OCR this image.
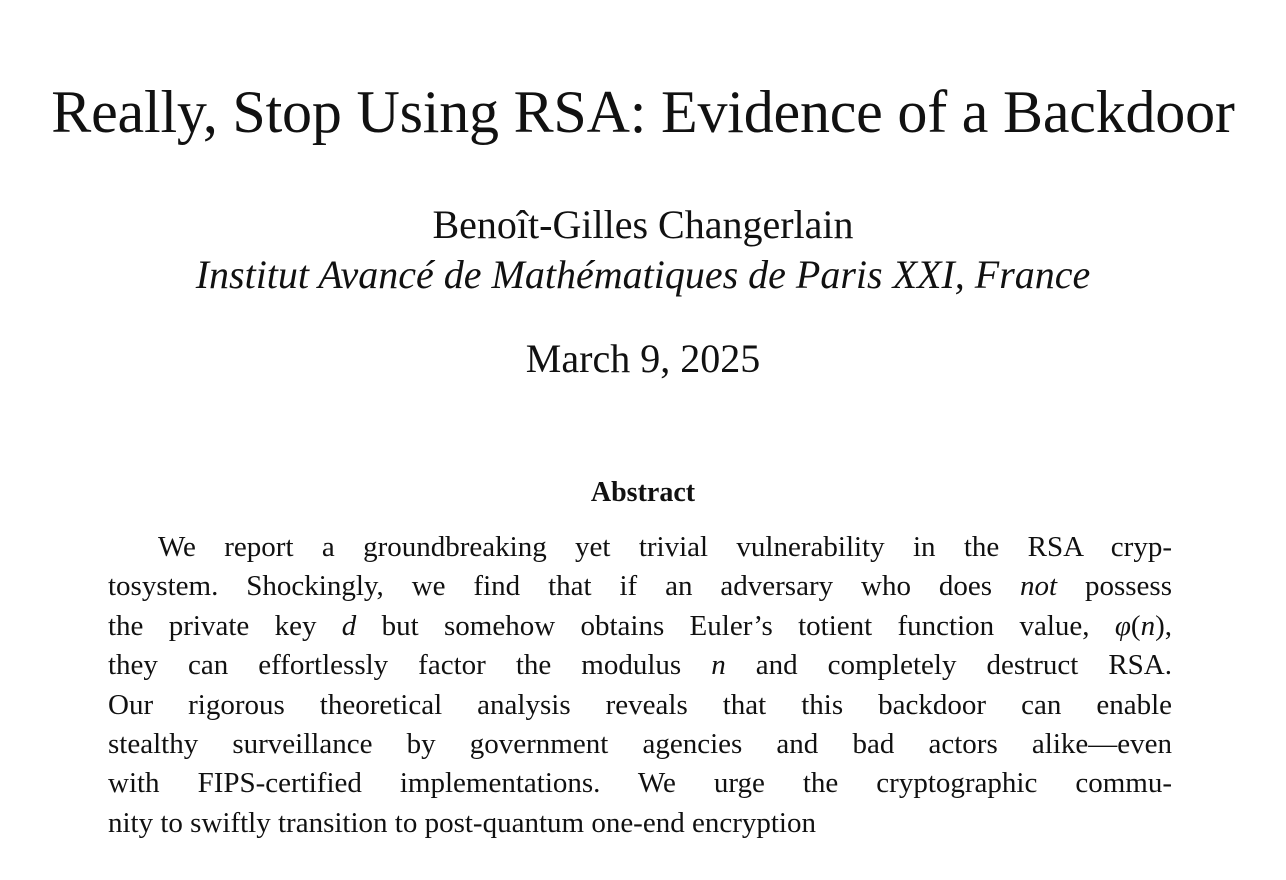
Really, Stop Using RSA: Evidence of a Backdoor
Benoît-Gilles Changerlain
Institut Avancé de Mathématiques de Paris XXI, France
March 9, 2025
Abstract
We report a groundbreaking yet trivial vulnerability in the RSA cryp-
tosystem. Shockingly, we find that if an adversary who does not possess
the private key d but somehow obtains Euler’s totient function value, φ(n),
they can effortlessly factor the modulus n and completely destruct RSA.
Our rigorous theoretical analysis reveals that this backdoor can enable
stealthy surveillance by government agencies and bad actors alike—even
with FIPS-certified implementations. We urge the cryptographic commu-
nity to swiftly transition to post-quantum one-end encryption
